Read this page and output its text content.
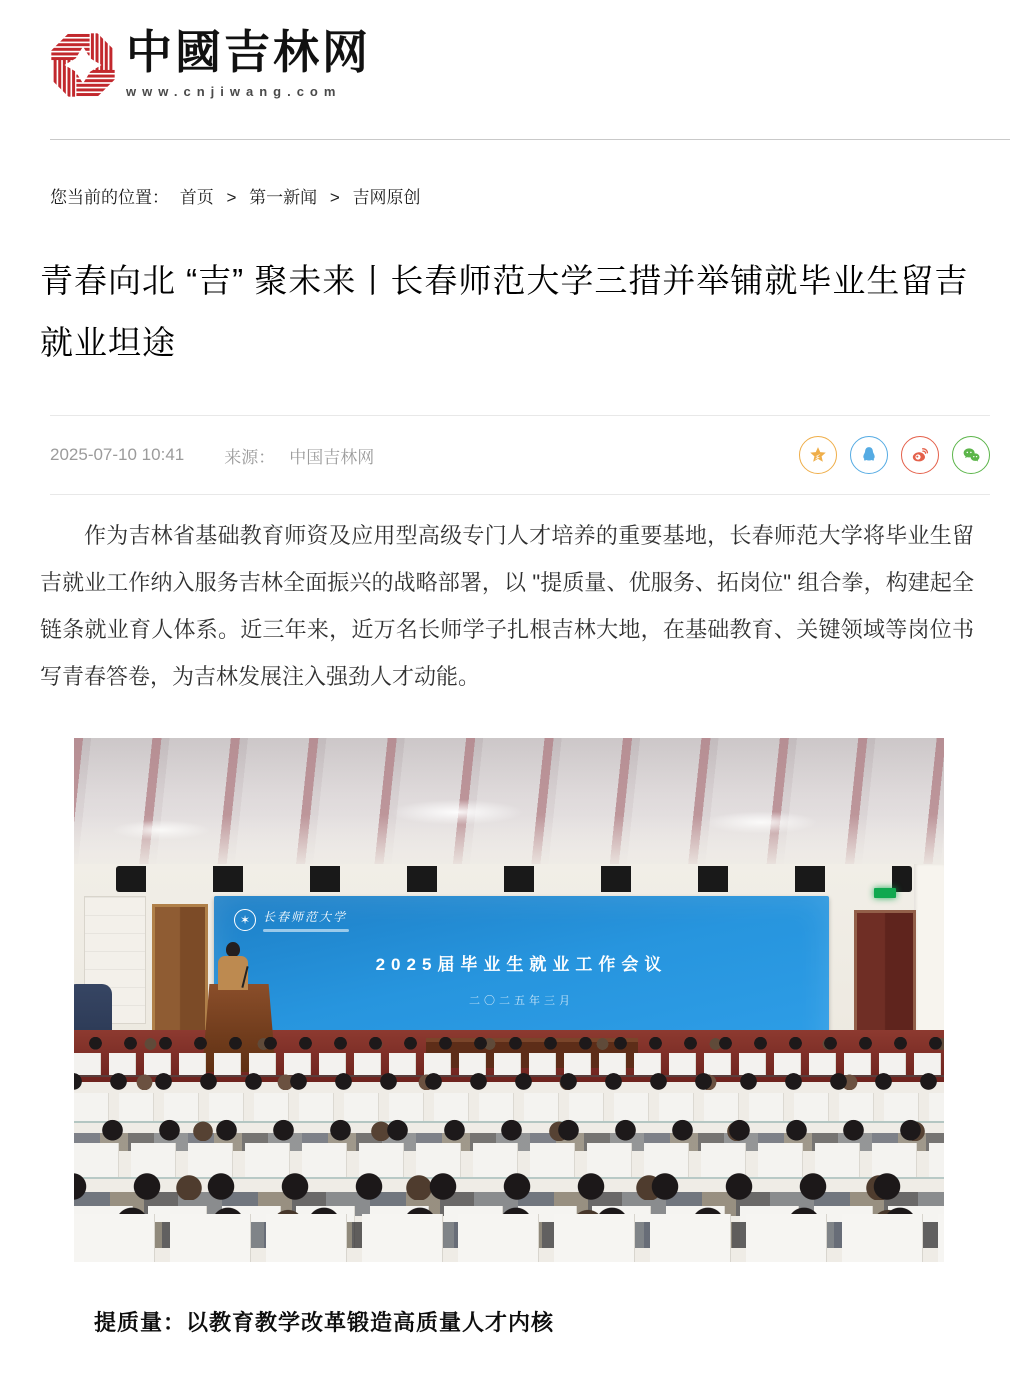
中國吉林网
www.cnjiwang.com
您当前的位置： 首页 > 第一新闻 > 吉网原创
青春向北 “吉” 聚未来丨长春师范大学三措并举铺就毕业生留吉就业坦途
2025-07-10 10:41 来源： 中国吉林网

作为吉林省基础教育师资及应用型高级专门人才培养的重要基地，长春师范大学将毕业生留吉就业工作纳入服务吉林全面振兴的战略部署，以 "提质量、优服务、拓岗位" 组合拳，构建起全链条就业育人体系。近三年来，近万名长师学子扎根吉林大地，在基础教育、关键领域等岗位书写青春答卷，为吉林发展注入强劲人才动能。

✶	长春师范大学

2025届毕业生就业工作会议

二〇二五年三月

提质量：以教育教学改革锻造高质量人才内核
